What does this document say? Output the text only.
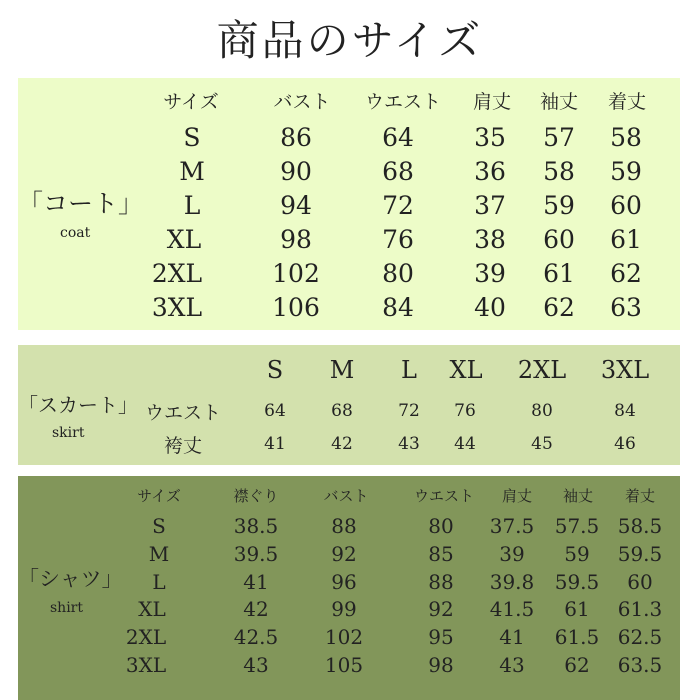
商品のサイズ
「コート」
coat
サイズ	バスト ウエスト 肩丈 袖丈 着丈
S	86	64 35 57 58
M	90	68 36 58 59
L	94	72 37 59 60
XL	98	76 38 60 61
2XL	102 80 39 61 62
3XL	106 84 40 62 63
「スカート」
skirt
S M L XL 2XL 3XL
ウエスト	64	68	72 76	80	84
袴丈	41	42	43 44	45	46
「シャツ」
shirt
サイズ	襟ぐり	バスト	ウエスト 肩丈 袖丈 着丈
S	38.5	88	80 37.5 57.5 58.5
M	39.5	92	85 39 59 59.5
L	41	96	88 39.8 59.5 60
XL	42	99	92 41.5 61 61.3
2XL	42.5 102	95 41 61.5 62.5
3XL	43	105	98 43 62 63.5
